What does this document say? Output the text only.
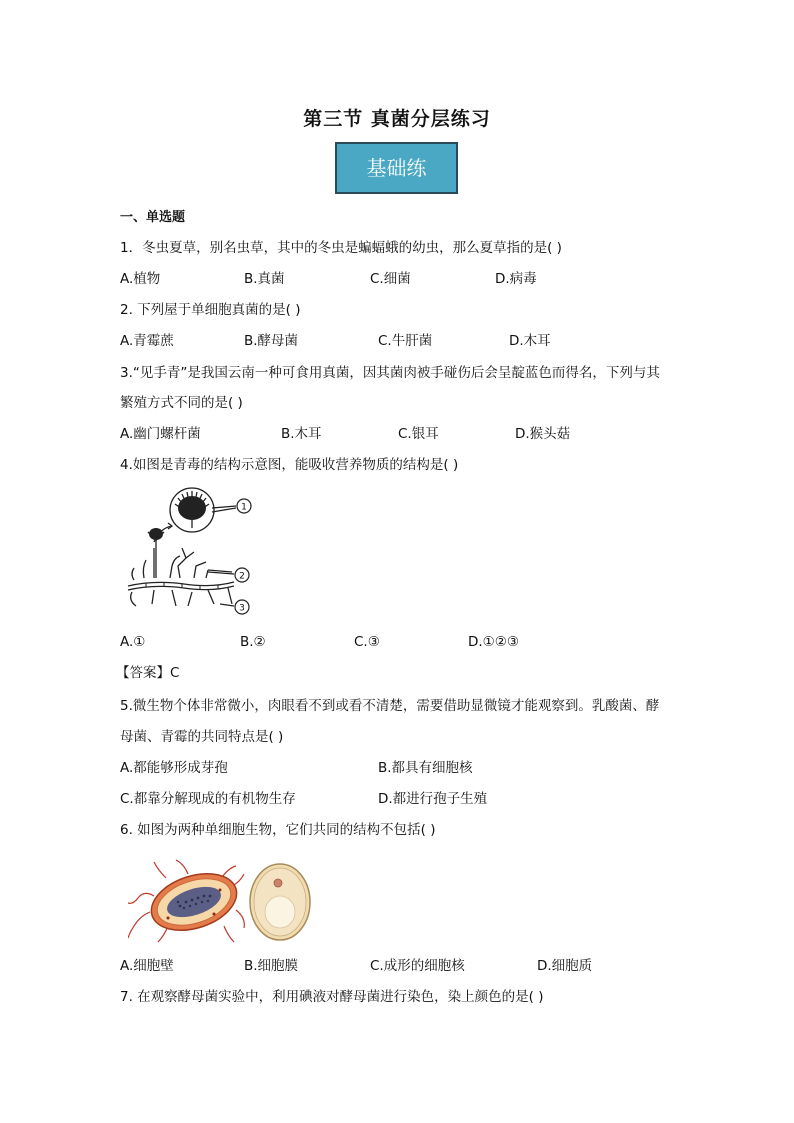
第三节 真菌分层练习
基础练
一、单选题
1．冬虫夏草，别名虫草，其中的冬虫是蝙蝠蛾的幼虫，那么夏草指的是( )
A.植物	B.真菌	C.细菌	D.病毒
2. 下列屋于单细胞真菌的是( )
A.青霉蔗	B.酵母菌	C.牛肝菌	D.木耳
3.“见手青”是我国云南一种可食用真菌，因其菌肉被手碰伤后会呈靛蓝色而得名，下列与其
繁殖方式不同的是( )
A.幽门螺杆菌	B.木耳	C.银耳	D.猴头菇
4.如图是青毒的结构示意图，能吸收营养物质的结构是( )
1
2
3
A.①	B.②	C.③	D.①②③
【答案】C
5.微生物个体非常微小，肉眼看不到或看不清楚，需要借助显微镜才能观察到。乳酸菌、酵
母菌、青霉的共同特点是( )
A.都能够形成芽孢	B.都具有细胞核
C.都靠分解现成的有机物生存	D.都进行孢子生殖
6. 如图为两种单细胞生物，它们共同的结构不包括( )
A.细胞壁	B.细胞膜	C.成形的细胞核	D.细胞质
7. 在观察酵母菌实验中，利用碘液对酵母菌进行染色，染上颜色的是( )
